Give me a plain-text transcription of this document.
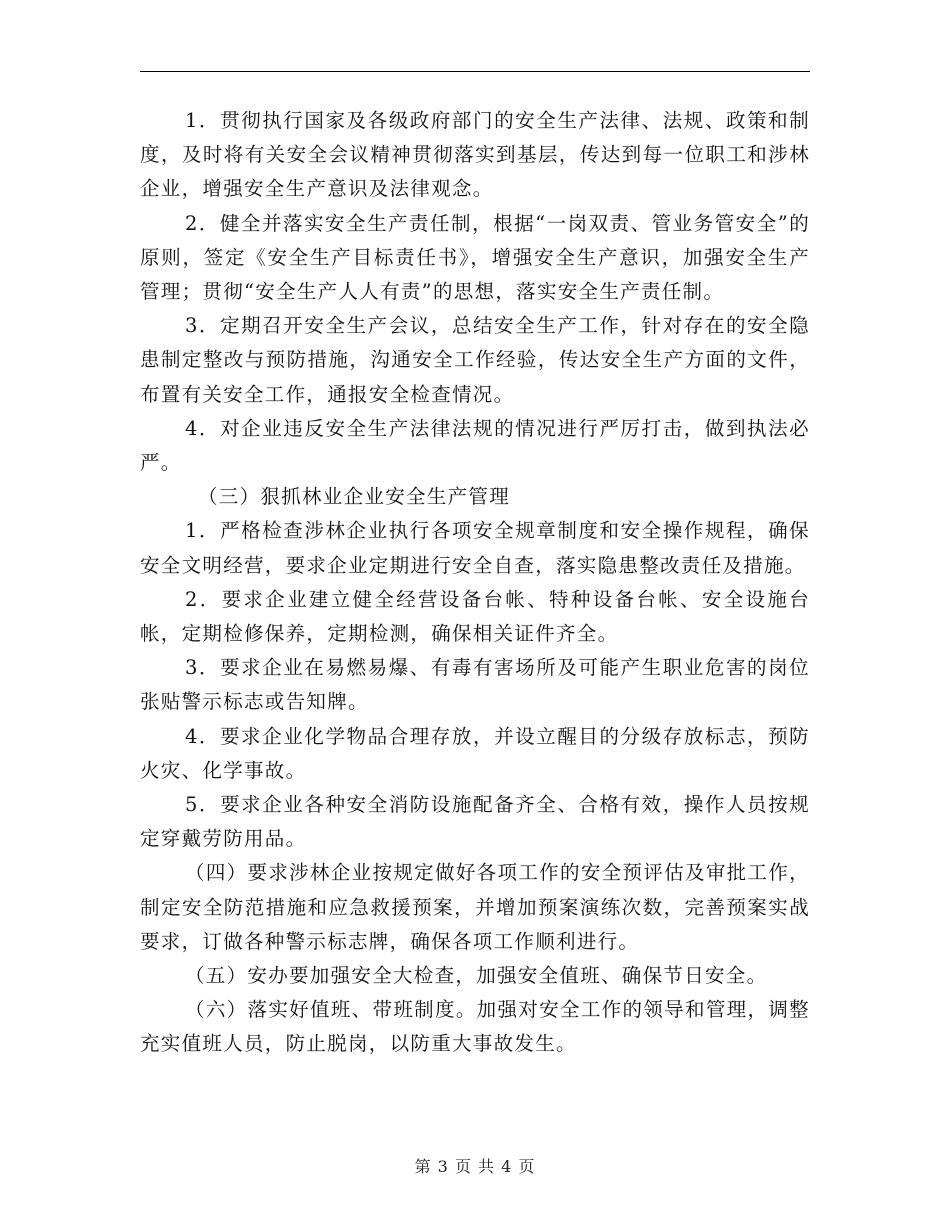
1．贯彻执行国家及各级政府部门的安全生产法律、法规、政策和制度，及时将有关安全会议精神贯彻落实到基层，传达到每一位职工和涉林企业，增强安全生产意识及法律观念。

2．健全并落实安全生产责任制，根据“一岗双责、管业务管安全”的原则，签定《安全生产目标责任书》，增强安全生产意识，加强安全生产管理；贯彻“安全生产人人有责”的思想，落实安全生产责任制。

3．定期召开安全生产会议，总结安全生产工作，针对存在的安全隐患制定整改与预防措施，沟通安全工作经验，传达安全生产方面的文件，布置有关安全工作，通报安全检查情况。

4．对企业违反安全生产法律法规的情况进行严厉打击，做到执法必严。

（三）狠抓林业企业安全生产管理

1．严格检查涉林企业执行各项安全规章制度和安全操作规程，确保安全文明经营，要求企业定期进行安全自查，落实隐患整改责任及措施。

2．要求企业建立健全经营设备台帐、特种设备台帐、安全设施台帐，定期检修保养，定期检测，确保相关证件齐全。

3．要求企业在易燃易爆、有毒有害场所及可能产生职业危害的岗位张贴警示标志或告知牌。

4．要求企业化学物品合理存放，并设立醒目的分级存放标志，预防火灾、化学事故。

5．要求企业各种安全消防设施配备齐全、合格有效，操作人员按规定穿戴劳防用品。

（四）要求涉林企业按规定做好各项工作的安全预评估及审批工作，制定安全防范措施和应急救援预案，并增加预案演练次数，完善预案实战要求，订做各种警示标志牌，确保各项工作顺利进行。

（五）安办要加强安全大检查，加强安全值班、确保节日安全。

（六）落实好值班、带班制度。加强对安全工作的领导和管理，调整充实值班人员，防止脱岗，以防重大事故发生。

第 3 页 共 4 页
